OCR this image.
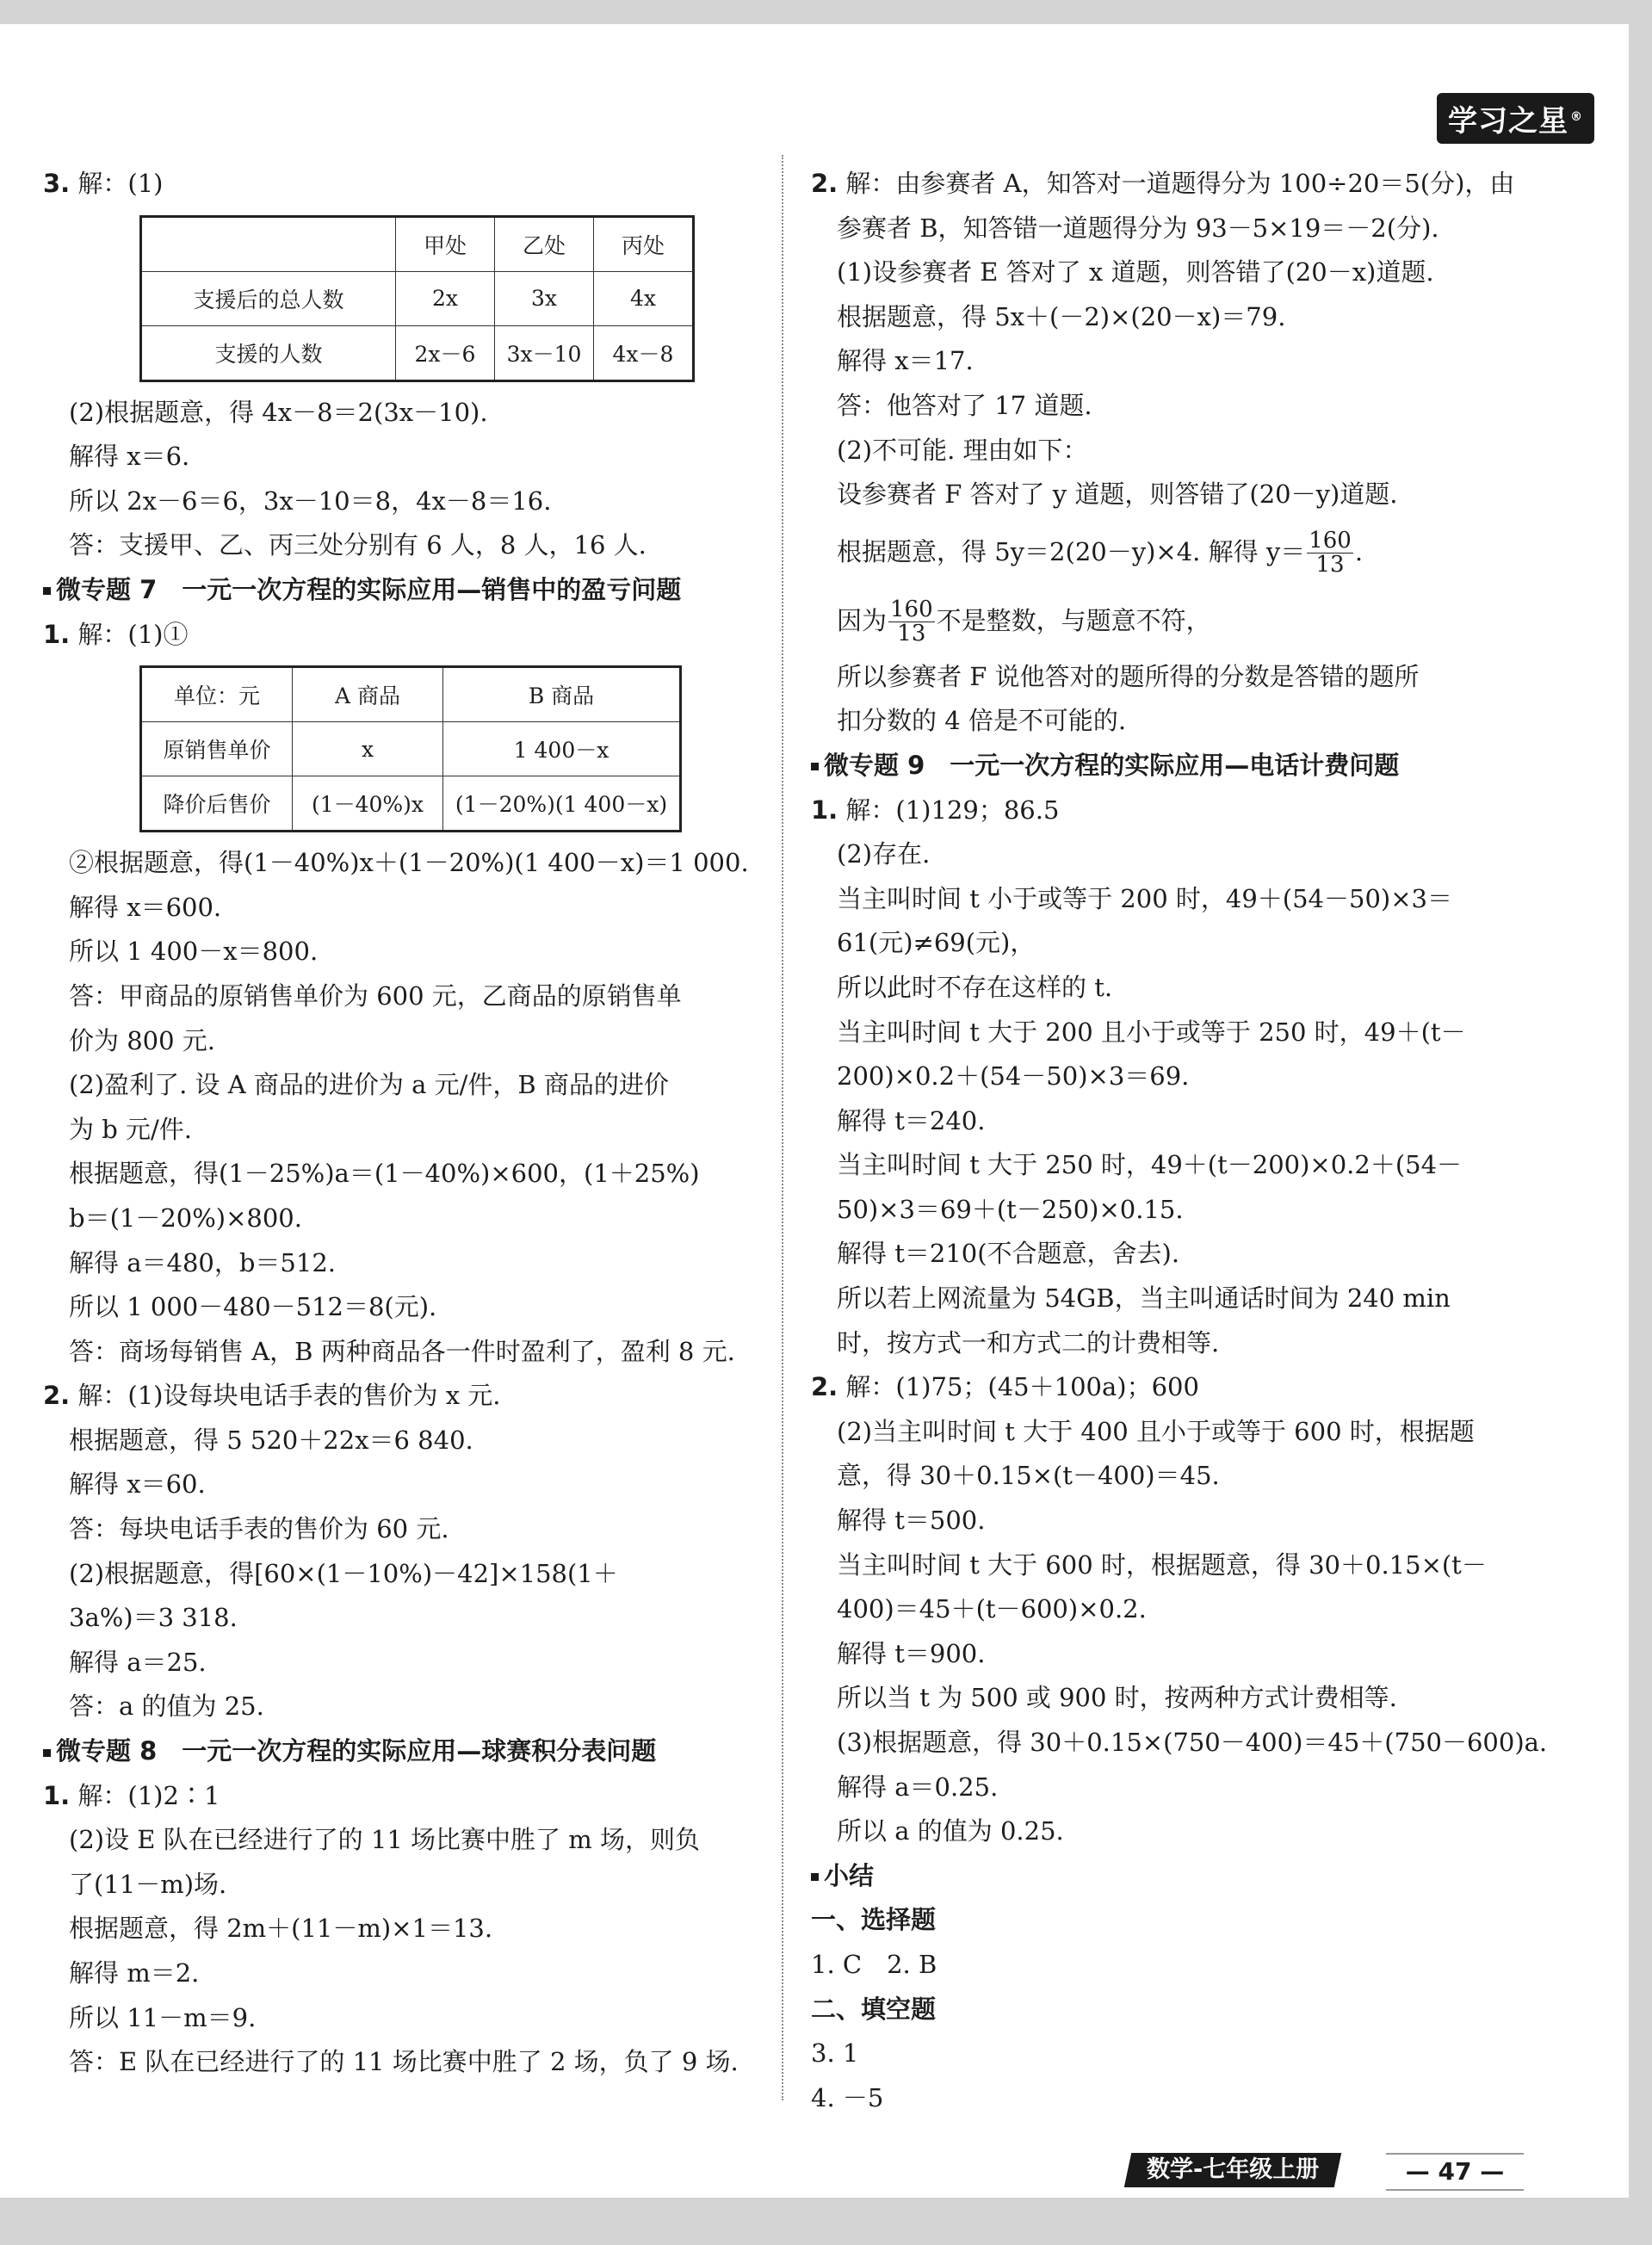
学习之星 ®
3. 解：(1)
	甲处	乙处	丙处
支援后的总人数	2x	3x	4x
支援的人数	2x－6	3x－10	4x－8
(2)根据题意，得 4x－8＝2(3x－10).
解得 x＝6.
所以 2x－6＝6，3x－10＝8，4x－8＝16.
答：支援甲、乙、丙三处分别有 6 人，8 人，16 人.
微专题 7　一元一次方程的实际应用—销售中的盈亏问题
1. 解：(1)①
单位：元	A 商品	B 商品
原销售单价	x	1 400－x
降价后售价	(1－40%)x	(1－20%)(1 400－x)
②根据题意，得(1－40%)x＋(1－20%)(1 400－x)＝1 000.
解得 x＝600.
所以 1 400－x＝800.
答：甲商品的原销售单价为 600 元，乙商品的原销售单
价为 800 元.
(2)盈利了. 设 A 商品的进价为 a 元/件，B 商品的进价
为 b 元/件.
根据题意，得(1－25%)a＝(1－40%)×600，(1＋25%)
b＝(1－20%)×800.
解得 a＝480，b＝512.
所以 1 000－480－512＝8(元).
答：商场每销售 A，B 两种商品各一件时盈利了，盈利 8 元.
2. 解：(1)设每块电话手表的售价为 x 元.
根据题意，得 5 520＋22x＝6 840.
解得 x＝60.
答：每块电话手表的售价为 60 元.
(2)根据题意，得[60×(1－10%)－42]×158(1＋
3a%)＝3 318.
解得 a＝25.
答：a 的值为 25.
微专题 8　一元一次方程的实际应用—球赛积分表问题
1. 解：(1)2∶1
(2)设 E 队在已经进行了的 11 场比赛中胜了 m 场，则负
了(11－m)场.
根据题意，得 2m＋(11－m)×1＝13.
解得 m＝2.
所以 11－m＝9.
答：E 队在已经进行了的 11 场比赛中胜了 2 场，负了 9 场.
2. 解：由参赛者 A，知答对一道题得分为 100÷20＝5(分)，由
参赛者 B，知答错一道题得分为 93－5×19＝－2(分).
(1)设参赛者 E 答对了 x 道题，则答错了(20－x)道题.
根据题意，得 5x＋(－2)×(20－x)＝79.
解得 x＝17.
答：他答对了 17 道题.
(2)不可能. 理由如下：
设参赛者 F 答对了 y 道题，则答错了(20－y)道题.
根据题意，得 5y＝2(20－y)×4. 解得 $y= \frac{160}{13}$ .
因为 $\frac{160}{13}$ 不是整数，与题意不符，
所以参赛者 F 说他答对的题所得的分数是答错的题所
扣分数的 4 倍是不可能的.
微专题 9　一元一次方程的实际应用—电话计费问题
1. 解：(1)129；86.5
(2)存在.
当主叫时间 t 小于或等于 200 时，49＋(54－50)×3＝
61(元)≠69(元)，
所以此时不存在这样的 t.
当主叫时间 t 大于 200 且小于或等于 250 时，49＋(t－
200)×0.2＋(54－50)×3＝69.
解得 t＝240.
当主叫时间 t 大于 250 时，49＋(t－200)×0.2＋(54－
50)×3＝69＋(t－250)×0.15.
解得 t＝210(不合题意，舍去).
所以若上网流量为 54GB，当主叫通话时间为 240 min
时，按方式一和方式二的计费相等.
2. 解：(1)75；(45＋100a)；600
(2)当主叫时间 t 大于 400 且小于或等于 600 时，根据题
意，得 30＋0.15×(t－400)＝45.
解得 t＝500.
当主叫时间 t 大于 600 时，根据题意，得 30＋0.15×(t－
400)＝45＋(t－600)×0.2.
解得 t＝900.
所以当 t 为 500 或 900 时，按两种方式计费相等.
(3)根据题意，得 30＋0.15×(750－400)＝45＋(750－600)a.
解得 a＝0.25.
所以 a 的值为 0.25.
小结
一、选择题
1. C　2. B
二、填空题
3. 1
4. －5
数学-七年级上册	— 47 —
